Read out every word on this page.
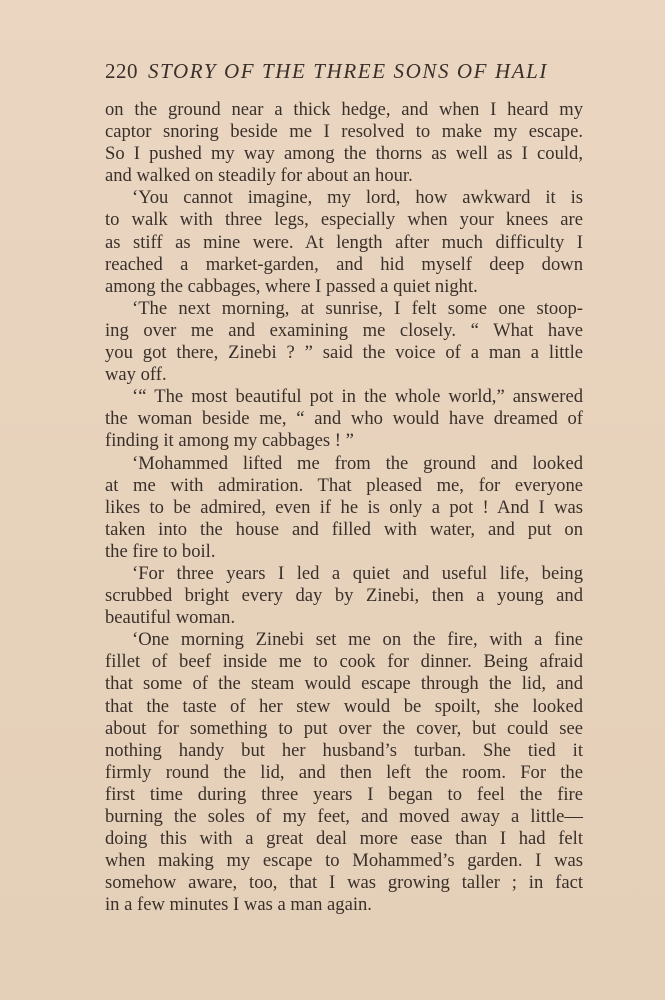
220 STORY OF THE THREE SONS OF HALI
on the ground near a thick hedge, and when I heard my
captor snoring beside me I resolved to make my escape.
So I pushed my way among the thorns as well as I could,
and walked on steadily for about an hour.
‘You cannot imagine, my lord, how awkward it is
to walk with three legs, especially when your knees are
as stiff as mine were. At length after much difficulty I
reached a market-garden, and hid myself deep down
among the cabbages, where I passed a quiet night.
‘The next morning, at sunrise, I felt some one stoop-
ing over me and examining me closely. “ What have
you got there, Zinebi ? ” said the voice of a man a little
way off.
‘“ The most beautiful pot in the whole world,” answered
the woman beside me, “ and who would have dreamed of
finding it among my cabbages ! ”
‘Mohammed lifted me from the ground and looked
at me with admiration. That pleased me, for everyone
likes to be admired, even if he is only a pot ! And I was
taken into the house and filled with water, and put on
the fire to boil.
‘For three years I led a quiet and useful life, being
scrubbed bright every day by Zinebi, then a young and
beautiful woman.
‘One morning Zinebi set me on the fire, with a fine
fillet of beef inside me to cook for dinner. Being afraid
that some of the steam would escape through the lid, and
that the taste of her stew would be spoilt, she looked
about for something to put over the cover, but could see
nothing handy but her husband’s turban. She tied it
firmly round the lid, and then left the room. For the
first time during three years I began to feel the fire
burning the soles of my feet, and moved away a little—
doing this with a great deal more ease than I had felt
when making my escape to Mohammed’s garden. I was
somehow aware, too, that I was growing taller ; in fact
in a few minutes I was a man again.
